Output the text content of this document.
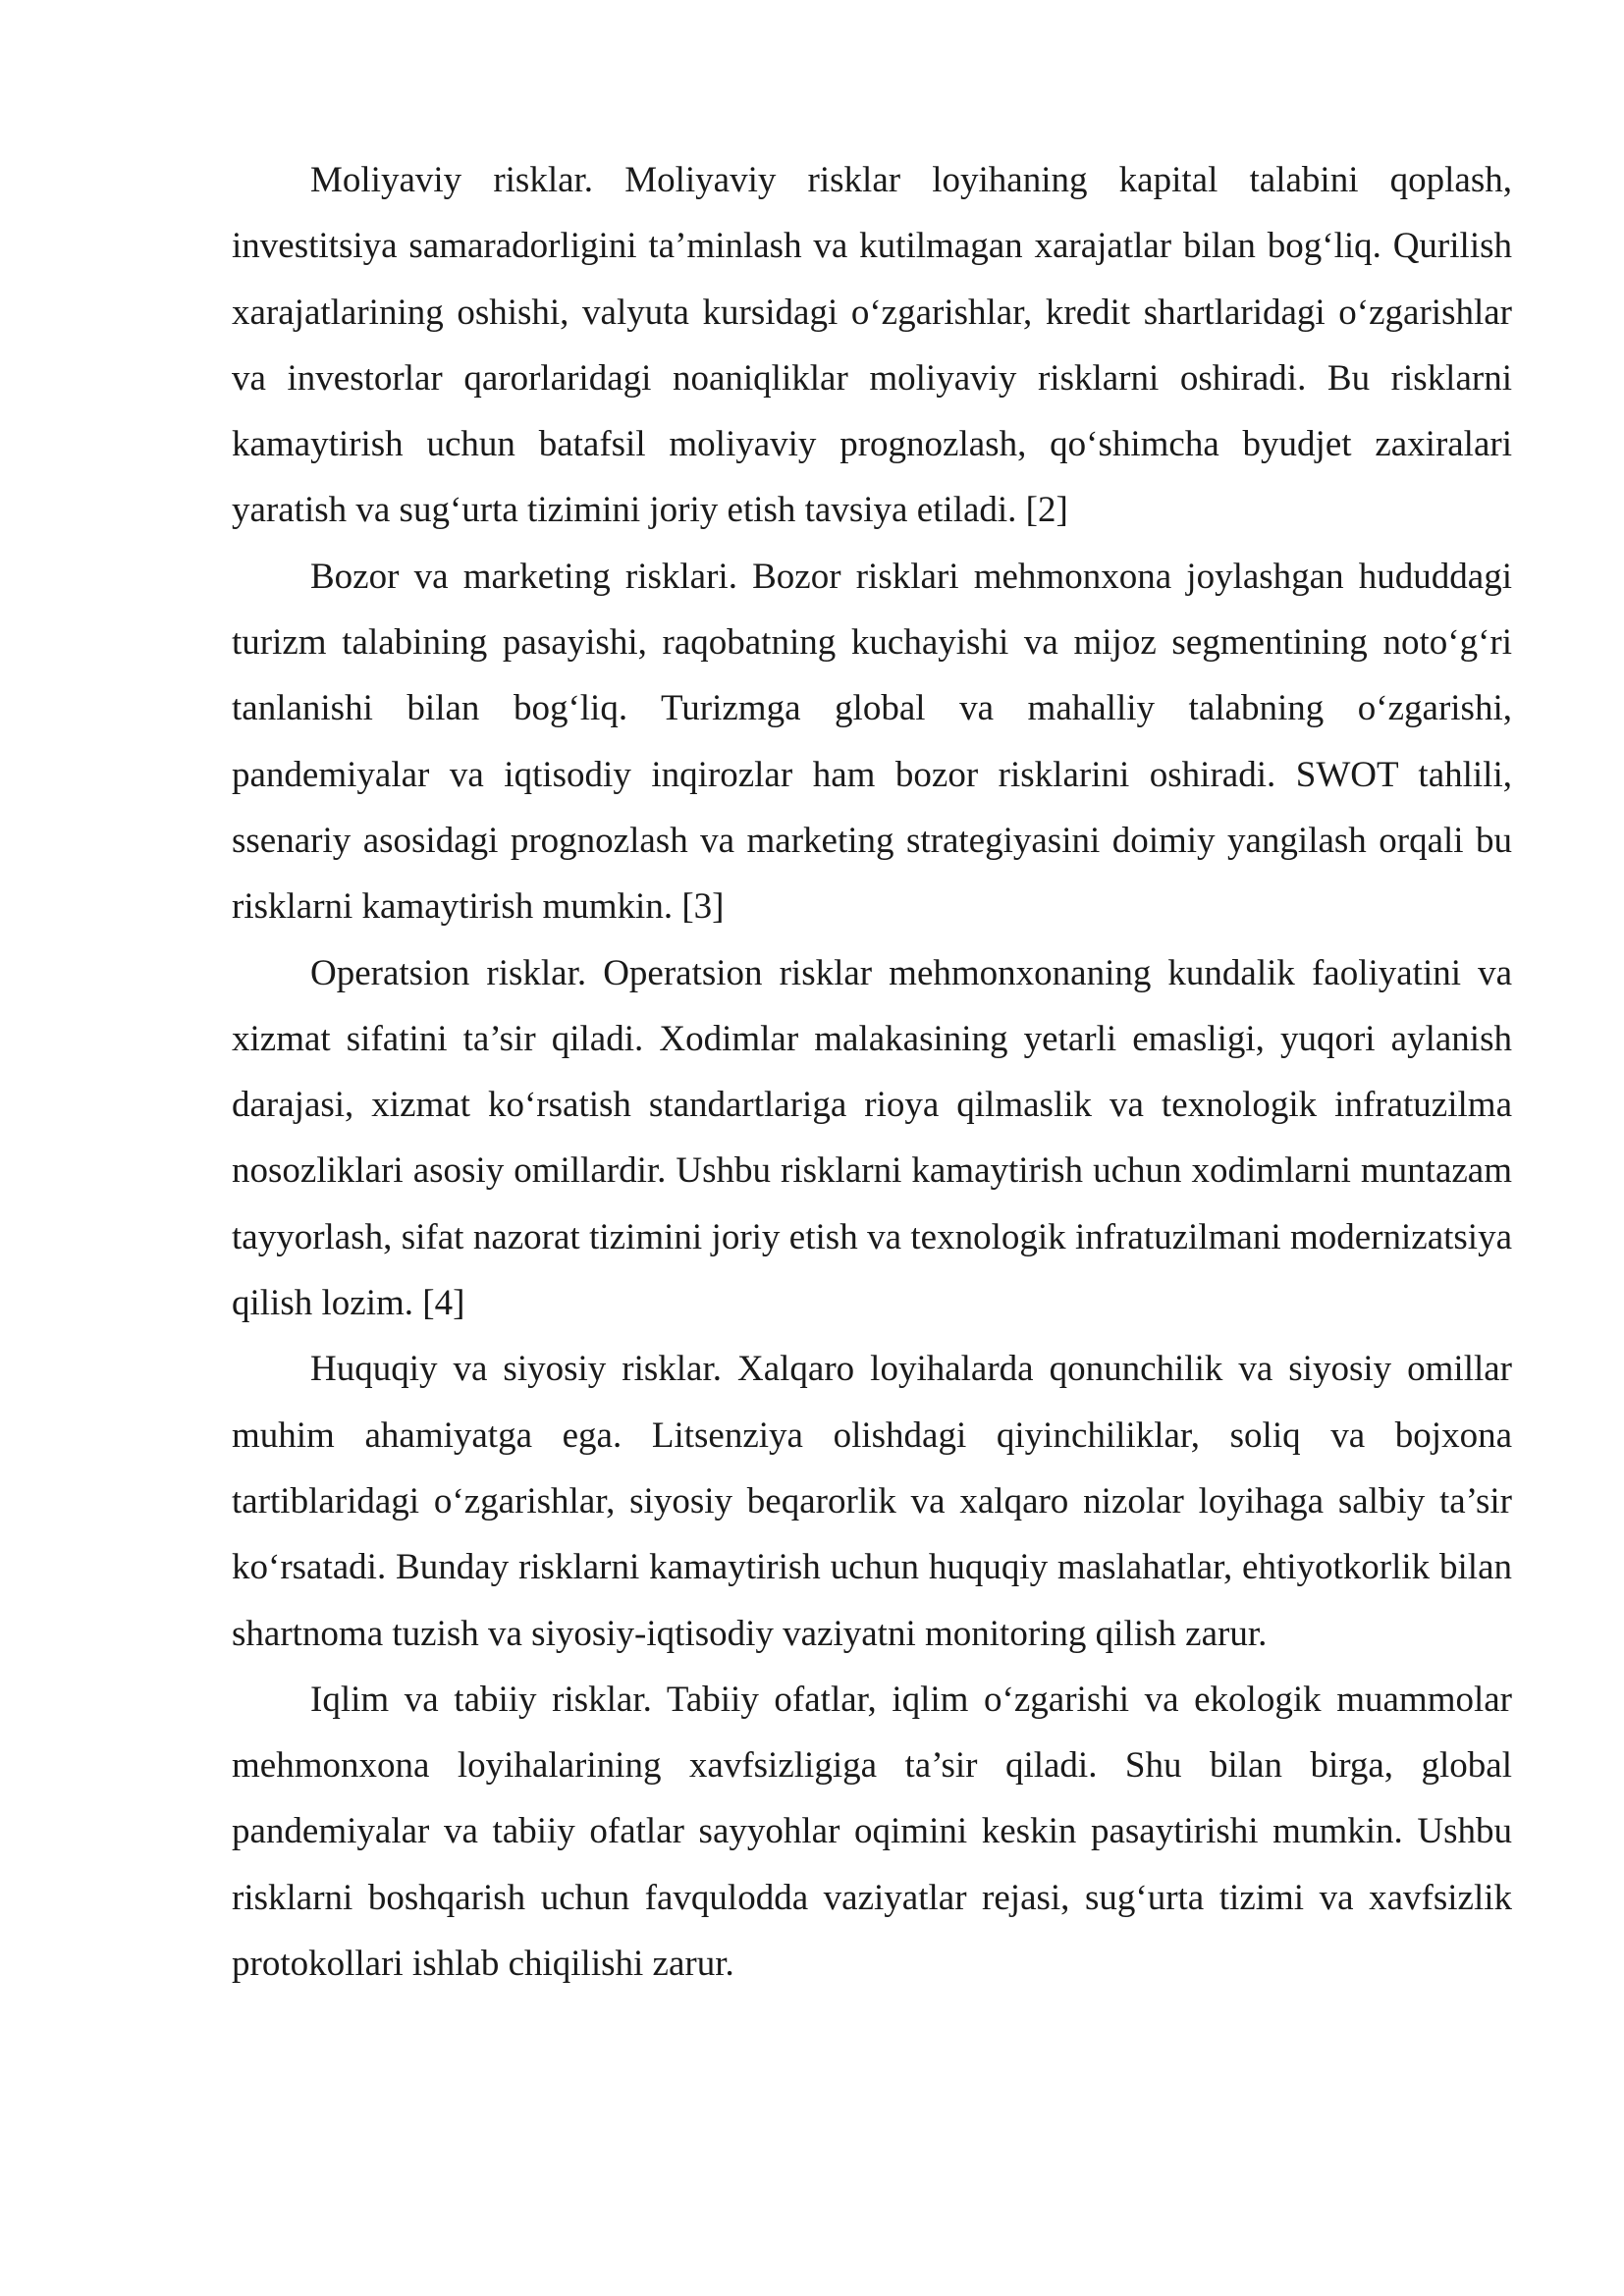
Moliyaviy risklar. Moliyaviy risklar loyihaning kapital talabini qoplash, investitsiya samaradorligini ta’minlash va kutilmagan xarajatlar bilan bog‘liq. Qurilish xarajatlarining oshishi, valyuta kursidagi o‘zgarishlar, kredit shartlaridagi o‘zgarishlar va investorlar qarorlaridagi noaniqliklar moliyaviy risklarni oshiradi. Bu risklarni kamaytirish uchun batafsil moliyaviy prognozlash, qo‘shimcha byudjet zaxiralari yaratish va sug‘urta tizimini joriy etish tavsiya etiladi. [2]

Bozor va marketing risklari. Bozor risklari mehmonxona joylashgan hududdagi turizm talabining pasayishi, raqobatning kuchayishi va mijoz segmentining noto‘g‘ri tanlanishi bilan bog‘liq. Turizmga global va mahalliy talabning o‘zgarishi, pandemiyalar va iqtisodiy inqirozlar ham bozor risklarini oshiradi. SWOT tahlili, ssenariy asosidagi prognozlash va marketing strategiyasini doimiy yangilash orqali bu risklarni kamaytirish mumkin. [3]

Operatsion risklar. Operatsion risklar mehmonxonaning kundalik faoliyatini va xizmat sifatini ta’sir qiladi. Xodimlar malakasining yetarli emasligi, yuqori aylanish darajasi, xizmat ko‘rsatish standartlariga rioya qilmaslik va texnologik infratuzilma nosozliklari asosiy omillardir. Ushbu risklarni kamaytirish uchun xodimlarni muntazam tayyorlash, sifat nazorat tizimini joriy etish va texnologik infratuzilmani modernizatsiya qilish lozim. [4]

Huquqiy va siyosiy risklar. Xalqaro loyihalarda qonunchilik va siyosiy omillar muhim ahamiyatga ega. Litsenziya olishdagi qiyinchiliklar, soliq va bojxona tartiblaridagi o‘zgarishlar, siyosiy beqarorlik va xalqaro nizolar loyihaga salbiy ta’sir ko‘rsatadi. Bunday risklarni kamaytirish uchun huquqiy maslahatlar, ehtiyotkorlik bilan shartnoma tuzish va siyosiy-iqtisodiy vaziyatni monitoring qilish zarur.

Iqlim va tabiiy risklar. Tabiiy ofatlar, iqlim o‘zgarishi va ekologik muammolar mehmonxona loyihalarining xavfsizligiga ta’sir qiladi. Shu bilan birga, global pandemiyalar va tabiiy ofatlar sayyohlar oqimini keskin pasaytirishi mumkin. Ushbu risklarni boshqarish uchun favqulodda vaziyatlar rejasi, sug‘urta tizimi va xavfsizlik protokollari ishlab chiqilishi zarur.
